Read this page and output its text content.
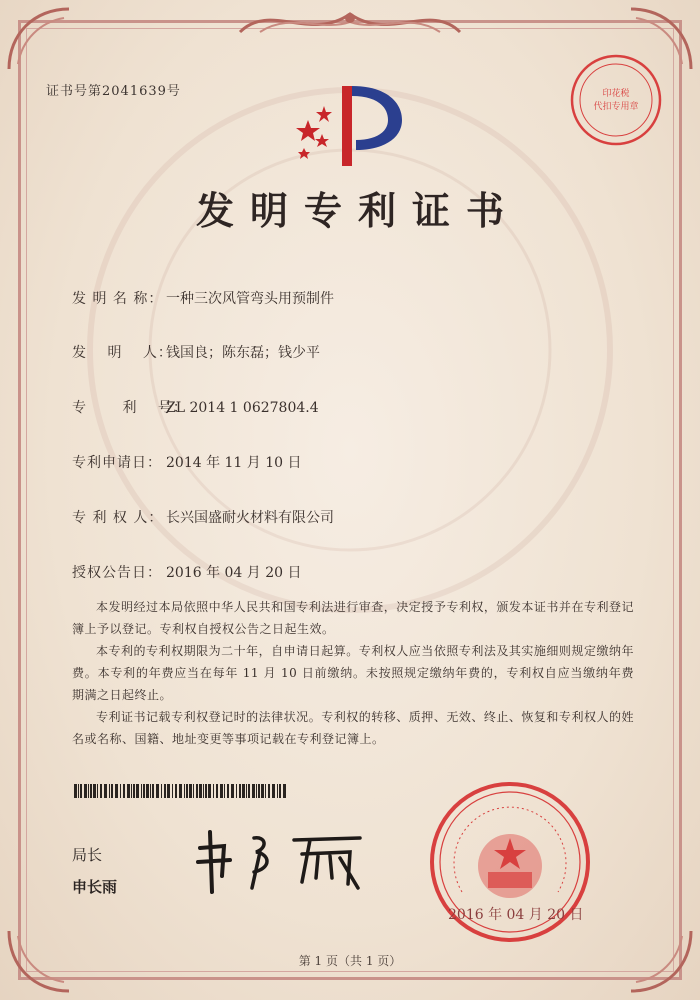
证书号第2041639号	印花税
代扣专用章
发明专利证书
发 明 名 称： 一种三次风管弯头用预制件
发　 明　 人：钱国良；陈东磊；钱少平
专　　 利　 号：ZL 2014 1 0627804.4
专利申请日： 2014 年 11 月 10 日
专 利 权 人： 长兴国盛耐火材料有限公司
授权公告日： 2016 年 04 月 20 日

本发明经过本局依照中华人民共和国专利法进行审查，决定授予专利权，颁发本证书并在专利登记簿上予以登记。专利权自授权公告之日起生效。

本专利的专利权期限为二十年，自申请日起算。专利权人应当依照专利法及其实施细则规定缴纳年费。本专利的年费应当在每年 11 月 10 日前缴纳。未按照规定缴纳年费的，专利权自应当缴纳年费期满之日起终止。

专利证书记载专利权登记时的法律状况。专利权的转移、质押、无效、终止、恢复和专利权人的姓名或名称、国籍、地址变更等事项记载在专利登记簿上。

局长
申长雨
2016 年 04 月 20 日
第 1 页（共 1 页）
